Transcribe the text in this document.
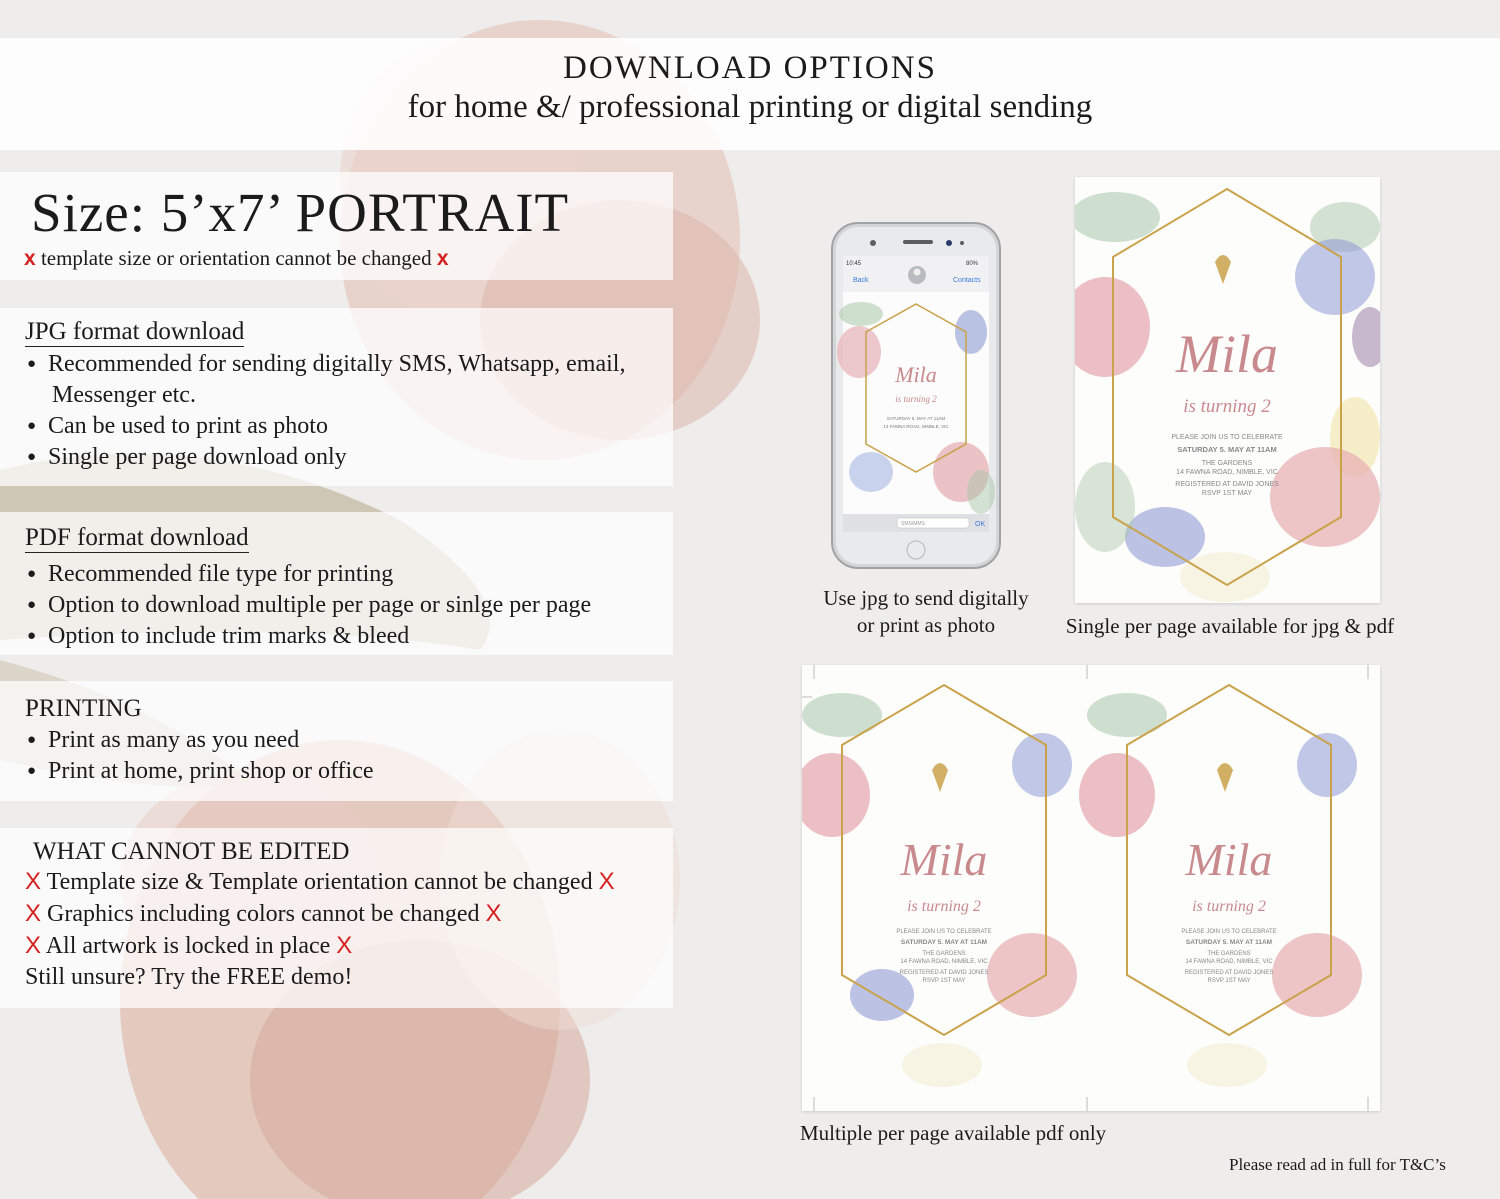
DOWNLOAD OPTIONS
for home &/ professional printing or digital sending
Size: 5’x7’ PORTRAIT
x template size or orientation cannot be changed x
JPG format download
● Recommended for sending digitally SMS, Whatsapp, email,
Messenger etc.
● Can be used to print as photo
● Single per page download only
PDF format download
● Recommended file type for printing
● Option to download multiple per page or sinlge per page
● Option to include trim marks & bleed
PRINTING
● Print as many as you need
● Print at home, print shop or office
WHAT CANNOT BE EDITED
X Template size & Template orientation cannot be changed X
X Graphics including colors cannot be changed X
X All artwork is locked in place X
Still unsure? Try the FREE demo!
10:45	80%
Back	Contacts
Mila
is turning 2
SATURDAY 5. MAY AT 11AM
14 FAWNA ROAD, NIMBLE, VIC
SMS/MMS	OK
Mila
is turning 2
PLEASE JOIN US TO CELEBRATE
SATURDAY 5. MAY AT 11AM
THE GARDENS
14 FAWNA ROAD, NIMBLE, VIC
REGISTERED AT DAVID JONES
RSVP 1ST MAY
Mila
is turning 2
PLEASE JOIN US TO CELEBRATE
SATURDAY 5. MAY AT 11AM
THE GARDENS
14 FAWNA ROAD, NIMBLE, VIC
REGISTERED AT DAVID JONES
RSVP 1ST MAY
Mila
is turning 2
PLEASE JOIN US TO CELEBRATE
SATURDAY 5. MAY AT 11AM
THE GARDENS
14 FAWNA ROAD, NIMBLE, VIC
REGISTERED AT DAVID JONES
RSVP 1ST MAY
Use jpg to send digitally
or print as photo	Single per page available for jpg & pdf
Multiple per page available pdf only
Please read ad in full for T&C’s
